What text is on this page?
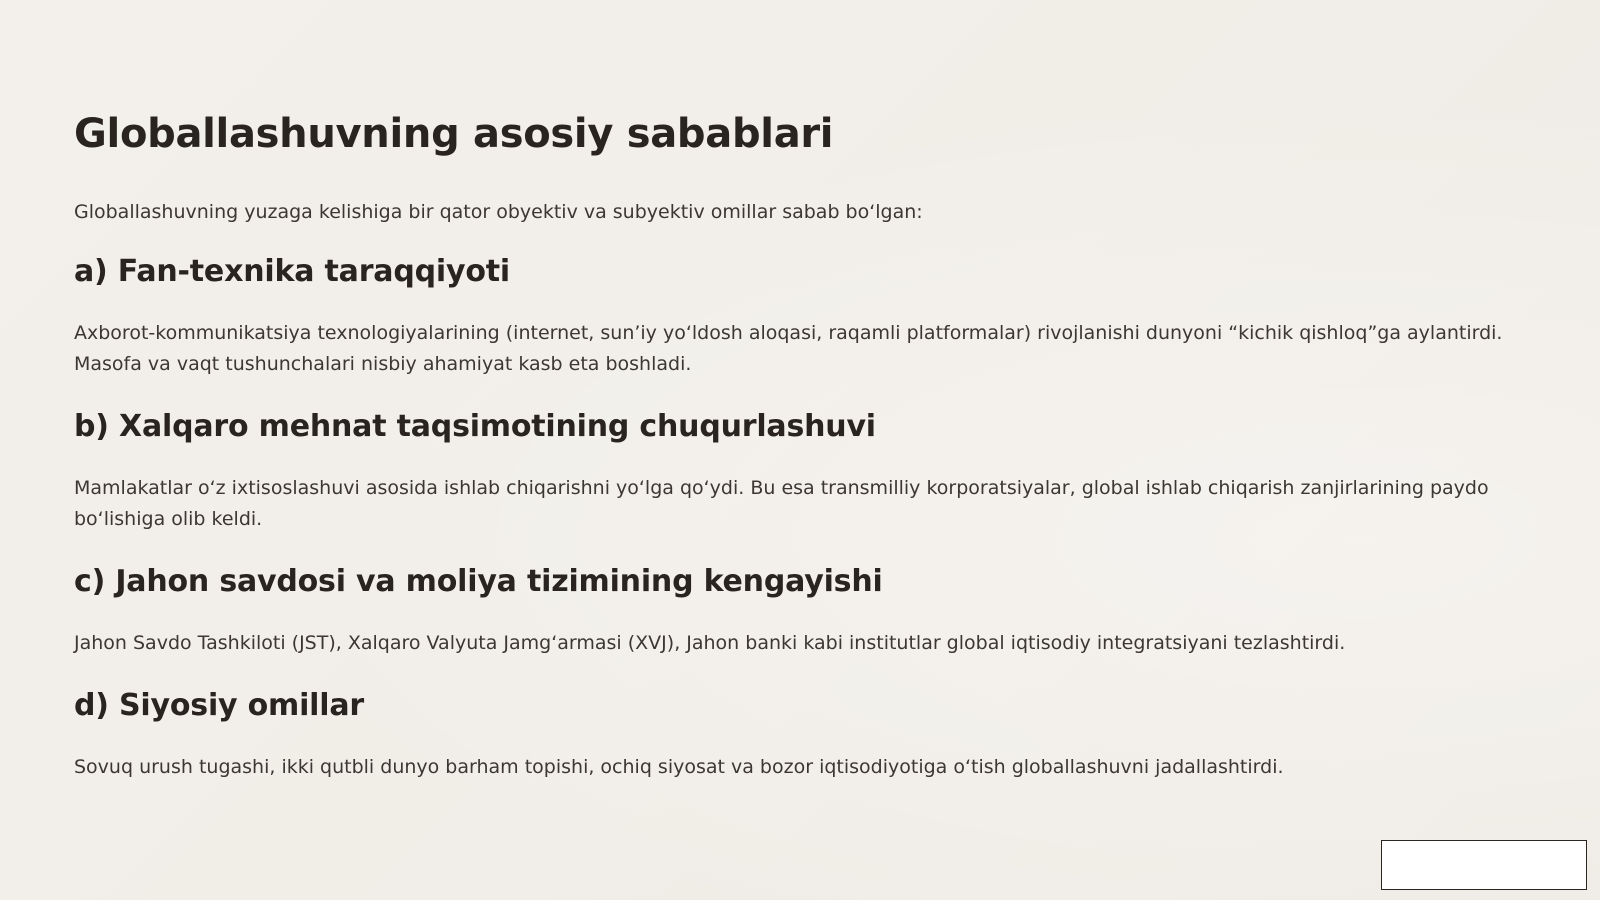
Globallashuvning asosiy sabablari

Globallashuvning yuzaga kelishiga bir qator obyektiv va subyektiv omillar sabab bo‘lgan:

a) Fan-texnika taraqqiyoti

Axborot-kommunikatsiya texnologiyalarining (internet, sun’iy yo‘ldosh aloqasi, raqamli platformalar) rivojlanishi dunyoni “kichik qishloq”ga aylantirdi. Masofa va vaqt tushunchalari nisbiy ahamiyat kasb eta boshladi.

b) Xalqaro mehnat taqsimotining chuqurlashuvi

Mamlakatlar o‘z ixtisoslashuvi asosida ishlab chiqarishni yo‘lga qo‘ydi. Bu esa transmilliy korporatsiyalar, global ishlab chiqarish zanjirlarining paydo bo‘lishiga olib keldi.

c) Jahon savdosi va moliya tizimining kengayishi

Jahon Savdo Tashkiloti (JST), Xalqaro Valyuta Jamg‘armasi (XVJ), Jahon banki kabi institutlar global iqtisodiy integratsiyani tezlashtirdi.

d) Siyosiy omillar

Sovuq urush tugashi, ikki qutbli dunyo barham topishi, ochiq siyosat va bozor iqtisodiyotiga o‘tish globallashuvni jadallashtirdi.
